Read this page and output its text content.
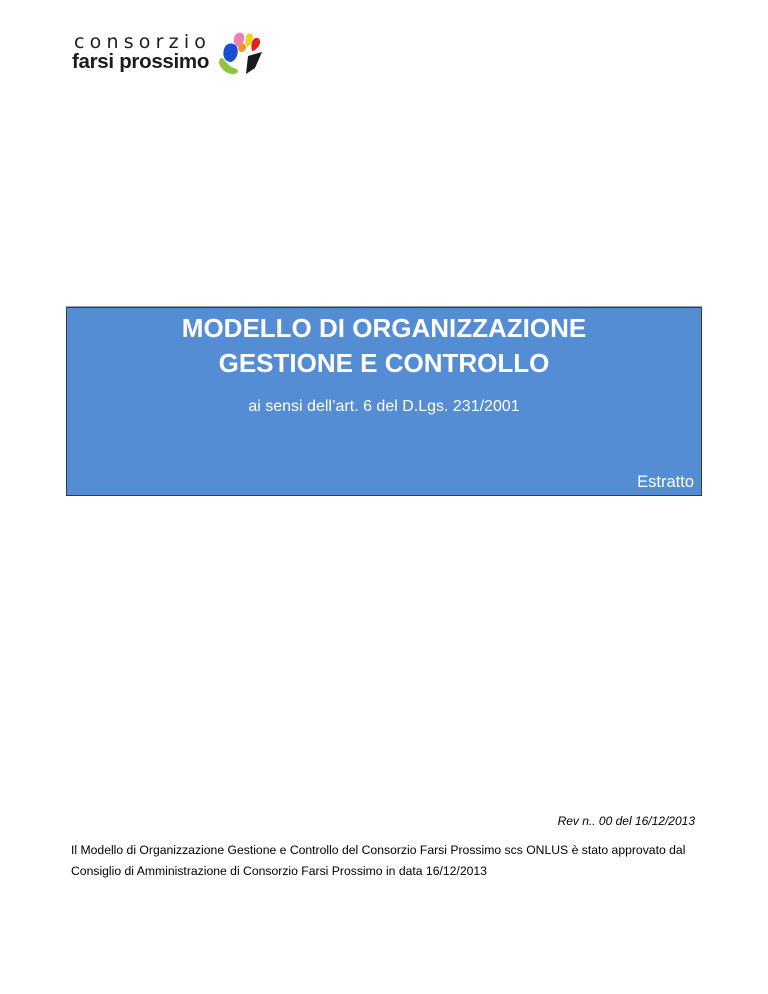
consorzio
farsi prossimo
MODELLO DI ORGANIZZAZIONE
GESTIONE E CONTROLLO
ai sensi dell’art. 6 del D.Lgs. 231/2001
Estratto
Rev n.. 00 del 16/12/2013
Il Modello di Organizzazione Gestione e Controllo del Consorzio Farsi Prossimo scs ONLUS è stato approvato dal Consiglio di Amministrazione di Consorzio Farsi Prossimo in data 16/12/2013
